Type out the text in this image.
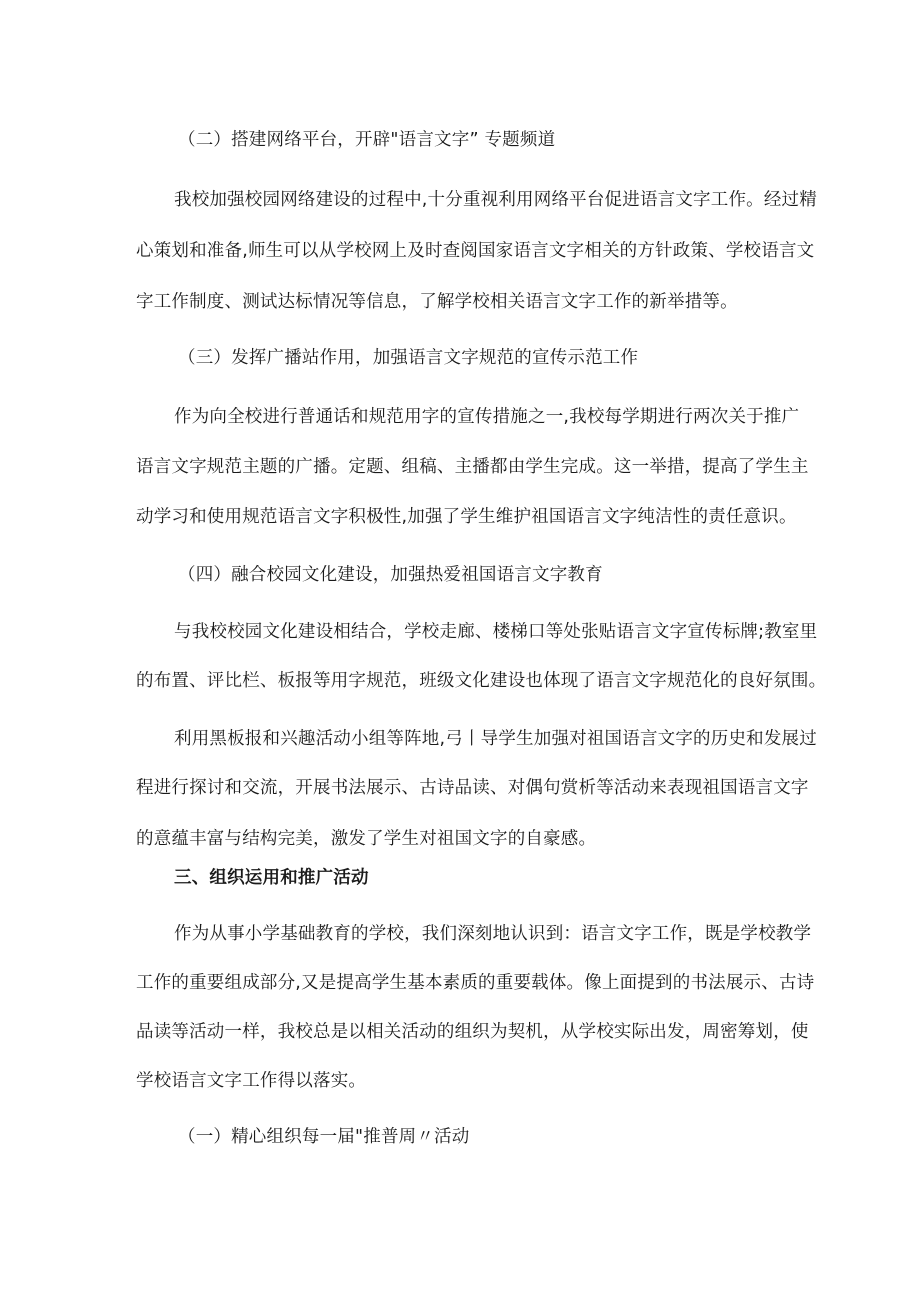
（二）搭建网络平台，开辟"语言文字” 专题频道
我校加强校园网络建设的过程中,十分重视利用网络平台促进语言文字工作。经过精
心策划和准备,师生可以从学校网上及时查阅国家语言文字相关的方针政策、学校语言文
字工作制度、测试达标情况等信息，了解学校相关语言文字工作的新举措等。
（三）发挥广播站作用，加强语言文字规范的宣传示范工作
作为向全校进行普通话和规范用字的宣传措施之一,我校每学期进行两次关于推广
语言文字规范主题的广播。定题、组稿、主播都由学生完成。这一举措，提高了学生主
动学习和使用规范语言文字积极性,加强了学生维护祖国语言文字纯洁性的责任意识。
（四）融合校园文化建设，加强热爱祖国语言文字教育
与我校校园文化建设相结合，学校走廊、楼梯口等处张贴语言文字宣传标牌;教室里
的布置、评比栏、板报等用字规范，班级文化建设也体现了语言文字规范化的良好氛围。
利用黑板报和兴趣活动小组等阵地,弓丨导学生加强对祖国语言文字的历史和发展过
程进行探讨和交流，开展书法展示、古诗品读、对偶句赏析等活动来表现祖国语言文字
的意蕴丰富与结构完美，激发了学生对祖国文字的自豪感。
三、组织运用和推广活动
作为从事小学基础教育的学校，我们深刻地认识到：语言文字工作，既是学校教学
工作的重要组成部分,又是提高学生基本素质的重要载体。像上面提到的书法展示、古诗
品读等活动一样，我校总是以相关活动的组织为契机，从学校实际出发，周密筹划，使
学校语言文字工作得以落实。
（一）精心组织每一届"推普周〃活动
